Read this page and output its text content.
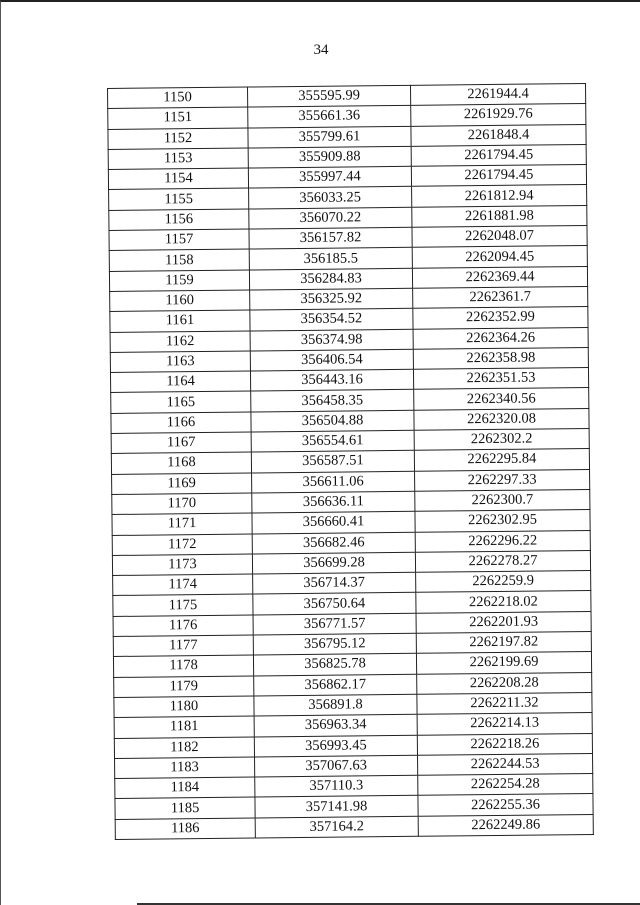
34
1150	355595.99	2261944.4
1151	355661.36	2261929.76
1152	355799.61	2261848.4
1153	355909.88	2261794.45
1154	355997.44	2261794.45
1155	356033.25	2261812.94
1156	356070.22	2261881.98
1157	356157.82	2262048.07
1158	356185.5	2262094.45
1159	356284.83	2262369.44
1160	356325.92	2262361.7
1161	356354.52	2262352.99
1162	356374.98	2262364.26
1163	356406.54	2262358.98
1164	356443.16	2262351.53
1165	356458.35	2262340.56
1166	356504.88	2262320.08
1167	356554.61	2262302.2
1168	356587.51	2262295.84
1169	356611.06	2262297.33
1170	356636.11	2262300.7
1171	356660.41	2262302.95
1172	356682.46	2262296.22
1173	356699.28	2262278.27
1174	356714.37	2262259.9
1175	356750.64	2262218.02
1176	356771.57	2262201.93
1177	356795.12	2262197.82
1178	356825.78	2262199.69
1179	356862.17	2262208.28
1180	356891.8	2262211.32
1181	356963.34	2262214.13
1182	356993.45	2262218.26
1183	357067.63	2262244.53
1184	357110.3	2262254.28
1185	357141.98	2262255.36
1186	357164.2	2262249.86
